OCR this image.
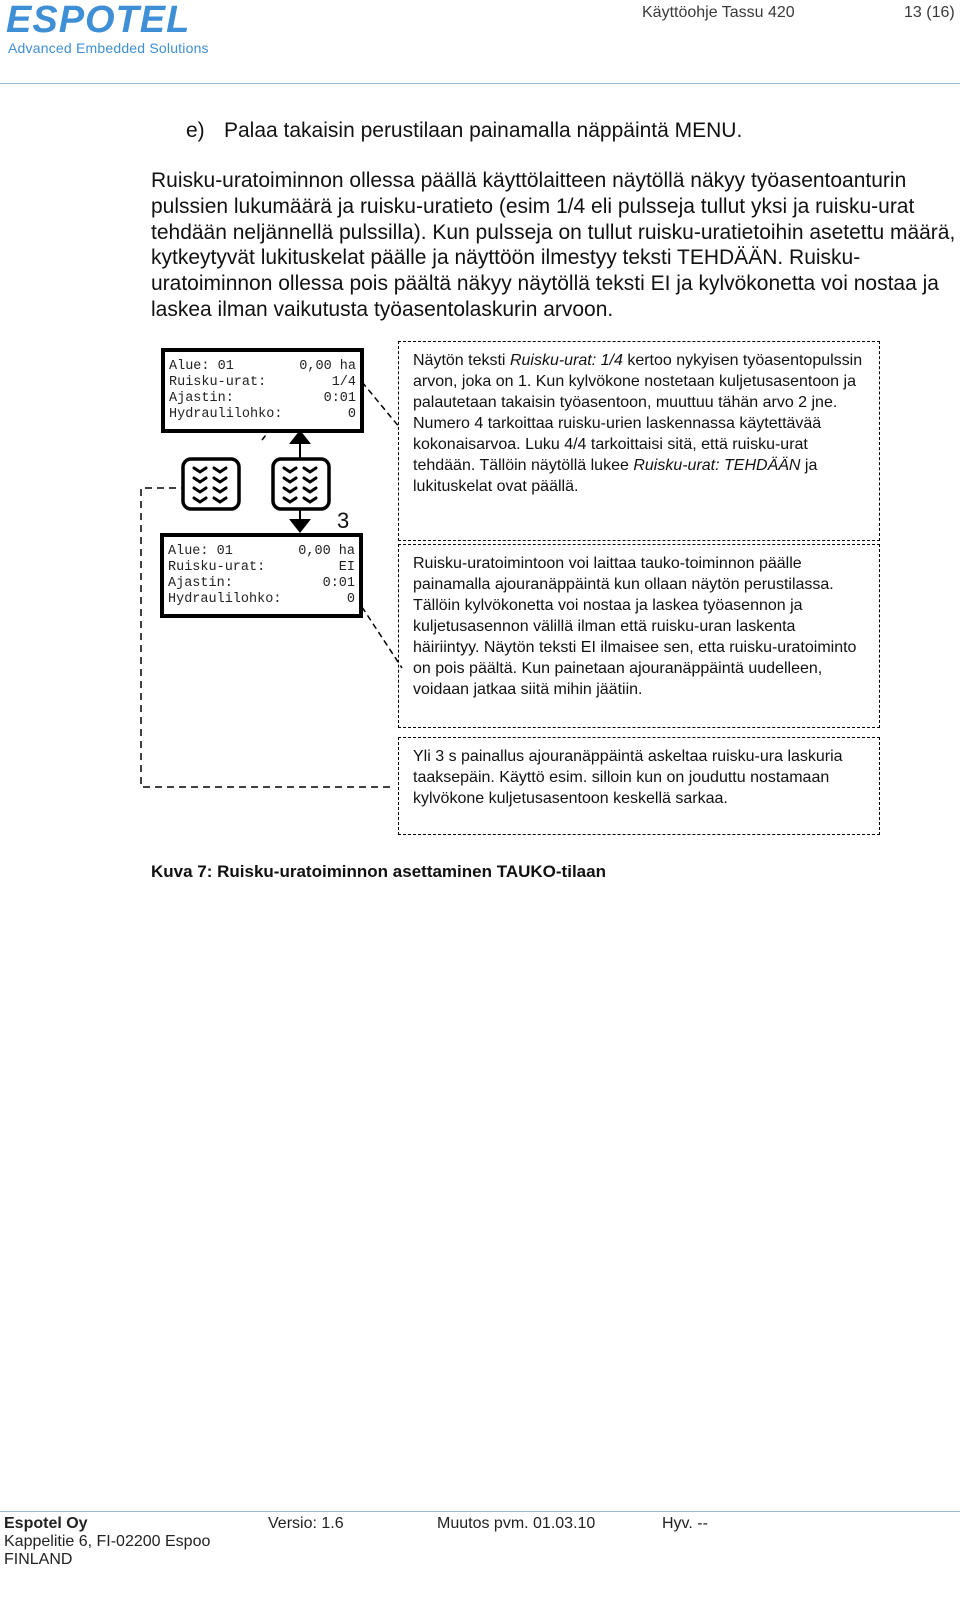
ESPOTEL
Advanced Embedded Solutions
Käyttöohje Tassu 420	13 (16)
e) Palaa takaisin perustilaan painamalla näppäintä MENU.

Ruisku-uratoiminnon ollessa päällä käyttölaitteen näytöllä näkyy työasentoanturin pulssien lukumäärä ja ruisku-uratieto (esim 1/4 eli pulsseja tullut yksi ja ruisku-urat tehdään neljännellä pulssilla). Kun pulsseja on tullut ruisku-uratietoihin asetettu määrä, kytkeytyvät lukituskelat päälle ja näyttöön ilmestyy teksti TEHDÄÄN. Ruisku-uratoiminnon ollessa pois päältä näkyy näytöllä teksti EI ja kylvökonetta voi nostaa ja laskea ilman vaikutusta työasentolaskurin arvoon.

3
Alue: 01	0,00 ha
Ruisku-urat:	1/4
Ajastin:	0:01
Hydraulilohko:	0
Alue: 01	0,00 ha
Ruisku-urat:	EI
Ajastin:	0:01
Hydraulilohko:	0

Näytön teksti Ruisku-urat: 1/4 kertoo nykyisen työasentopulssin arvon, joka on 1. Kun kylvökone nostetaan kuljetusasentoon ja palautetaan takaisin työasentoon, muuttuu tähän arvo 2 jne.

Numero 4 tarkoittaa ruisku-urien laskennassa käytettävää kokonaisarvoa. Luku 4/4 tarkoittaisi sitä, että ruisku-urat tehdään. Tällöin näytöllä lukee Ruisku-urat: TEHDÄÄN ja lukituskelat ovat päällä.

Ruisku-uratoimintoon voi laittaa tauko-toiminnon päälle painamalla ajouranäppäintä kun ollaan näytön perustilassa. Tällöin kylvökonetta voi nostaa ja laskea työasennon ja kuljetusasennon välillä ilman että ruisku-uran laskenta häiriintyy. Näytön teksti EI ilmaisee sen, etta ruisku-uratoiminto on pois päältä. Kun painetaan ajouranäppäintä uudelleen, voidaan jatkaa siitä mihin jäätiin.

Yli 3 s painallus ajouranäppäintä askeltaa ruisku-ura laskuria taaksepäin. Käyttö esim. silloin kun on jouduttu nostamaan kylvökone kuljetusasentoon keskellä sarkaa.

Kuva 7: Ruisku-uratoiminnon asettaminen TAUKO-tilaan
Espotel Oy
Kappelitie 6, FI-02200 Espoo
FINLAND
Versio: 1.6	Muutos pvm. 01.03.10	Hyv. --
